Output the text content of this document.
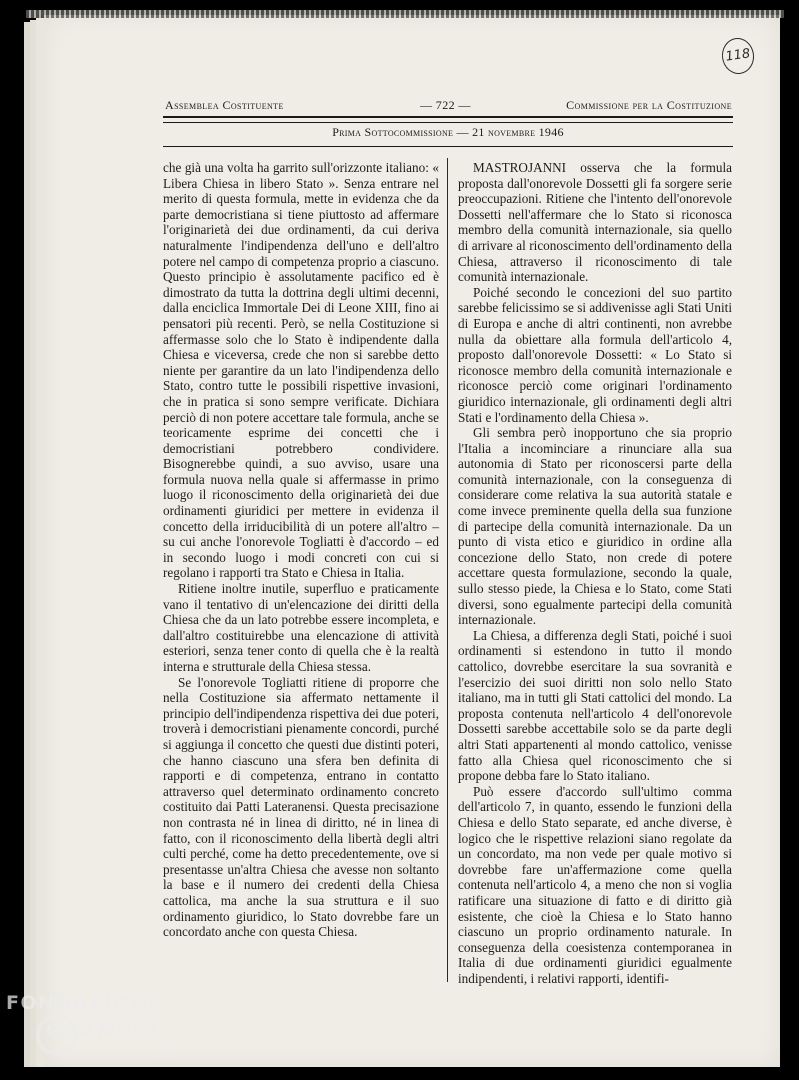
118
Assemblea Costituente	— 722 —	Commissione per la Costituzione
Prima Sottocommissione — 21 novembre 1946

che già una volta ha garrito sull'orizzonte italiano: « Libera Chiesa in libero Stato ». Senza entrare nel merito di questa formula, mette in evidenza che da parte democristiana si tiene piuttosto ad affermare l'originarietà dei due ordinamenti, da cui deriva naturalmente l'indipendenza dell'uno e dell'altro potere nel campo di competenza proprio a ciascuno. Questo principio è assolutamente pacifico ed è dimostrato da tutta la dottrina degli ultimi decenni, dalla enciclica Immortale Dei di Leone XIII, fino ai pensatori più recenti. Però, se nella Costituzione si affermasse solo che lo Stato è indipendente dalla Chiesa e viceversa, crede che non si sarebbe detto niente per garantire da un lato l'indipendenza dello Stato, contro tutte le possibili rispettive invasioni, che in pratica si sono sempre verificate. Dichiara perciò di non potere accettare tale formula, anche se teoricamente esprime dei concetti che i democristiani potrebbero condividere. Bisognerebbe quindi, a suo avviso, usare una formula nuova nella quale si affermasse in primo luogo il riconoscimento della originarietà dei due ordinamenti giuridici per mettere in evidenza il concetto della irriducibilità di un potere all'altro – su cui anche l'onorevole Togliatti è d'accordo – ed in secondo luogo i modi concreti con cui si regolano i rapporti tra Stato e Chiesa in Italia.

Ritiene inoltre inutile, superfluo e praticamente vano il tentativo di un'elencazione dei diritti della Chiesa che da un lato potrebbe essere incompleta, e dall'altro costituirebbe una elencazione di attività esteriori, senza tener conto di quella che è la realtà interna e strutturale della Chiesa stessa.

Se l'onorevole Togliatti ritiene di proporre che nella Costituzione sia affermato nettamente il principio dell'indipendenza rispettiva dei due poteri, troverà i democristiani pienamente concordi, purché si aggiunga il concetto che questi due distinti poteri, che hanno ciascuno una sfera ben definita di rapporti e di competenza, entrano in contatto attraverso quel determinato ordinamento concreto costituito dai Patti Lateranensi. Questa precisazione non contrasta né in linea di diritto, né in linea di fatto, con il riconoscimento della libertà degli altri culti perché, come ha detto precedentemente, ove si presentasse un'altra Chiesa che avesse non soltanto la base e il numero dei credenti della Chiesa cattolica, ma anche la sua struttura e il suo ordinamento giuridico, lo Stato dovrebbe fare un concordato anche con questa Chiesa.

MASTROJANNI osserva che la formula proposta dall'onorevole Dossetti gli fa sorgere serie preoccupazioni. Ritiene che l'intento dell'onorevole Dossetti nell'affermare che lo Stato si riconosca membro della comunità internazionale, sia quello di arrivare al riconoscimento dell'ordinamento della Chiesa, attraverso il riconoscimento di tale comunità internazionale.

Poiché secondo le concezioni del suo partito sarebbe felicissimo se si addivenisse agli Stati Uniti di Europa e anche di altri continenti, non avrebbe nulla da obiettare alla formula dell'articolo 4, proposto dall'onorevole Dossetti: « Lo Stato si riconosce membro della comunità internazionale e riconosce perciò come originari l'ordinamento giuridico internazionale, gli ordinamenti degli altri Stati e l'ordinamento della Chiesa ».

Gli sembra però inopportuno che sia proprio l'Italia a incominciare a rinunciare alla sua autonomia di Stato per riconoscersi parte della comunità internazionale, con la conseguenza di considerare come relativa la sua autorità statale e come invece preminente quella della sua funzione di partecipe della comunità internazionale. Da un punto di vista etico e giuridico in ordine alla concezione dello Stato, non crede di potere accettare questa formulazione, secondo la quale, sullo stesso piede, la Chiesa e lo Stato, come Stati diversi, sono egualmente partecipi della comunità internazionale.

La Chiesa, a differenza degli Stati, poiché i suoi ordinamenti si estendono in tutto il mondo cattolico, dovrebbe esercitare la sua sovranità e l'esercizio dei suoi diritti non solo nello Stato italiano, ma in tutti gli Stati cattolici del mondo. La proposta contenuta nell'articolo 4 dell'onorevole Dossetti sarebbe accettabile solo se da parte degli altri Stati appartenenti al mondo cattolico, venisse fatto alla Chiesa quel riconoscimento che si propone debba fare lo Stato italiano.

Può essere d'accordo sull'ultimo comma dell'articolo 7, in quanto, essendo le funzioni della Chiesa e dello Stato separate, ed anche diverse, è logico che le rispettive relazioni siano regolate da un concordato, ma non vede per quale motivo si dovrebbe fare un'affermazione come quella contenuta nell'articolo 4, a meno che non si voglia ratificare una situazione di fatto e di diritto già esistente, che cioè la Chiesa e lo Stato hanno ciascuno un proprio ordinamento naturale. In conseguenza della coesistenza contemporanea in Italia di due ordinamenti giuridici egualmente indipendenti, i relativi rapporti, identifi-

FONDAZIONE
GRAMSCI
onlus
